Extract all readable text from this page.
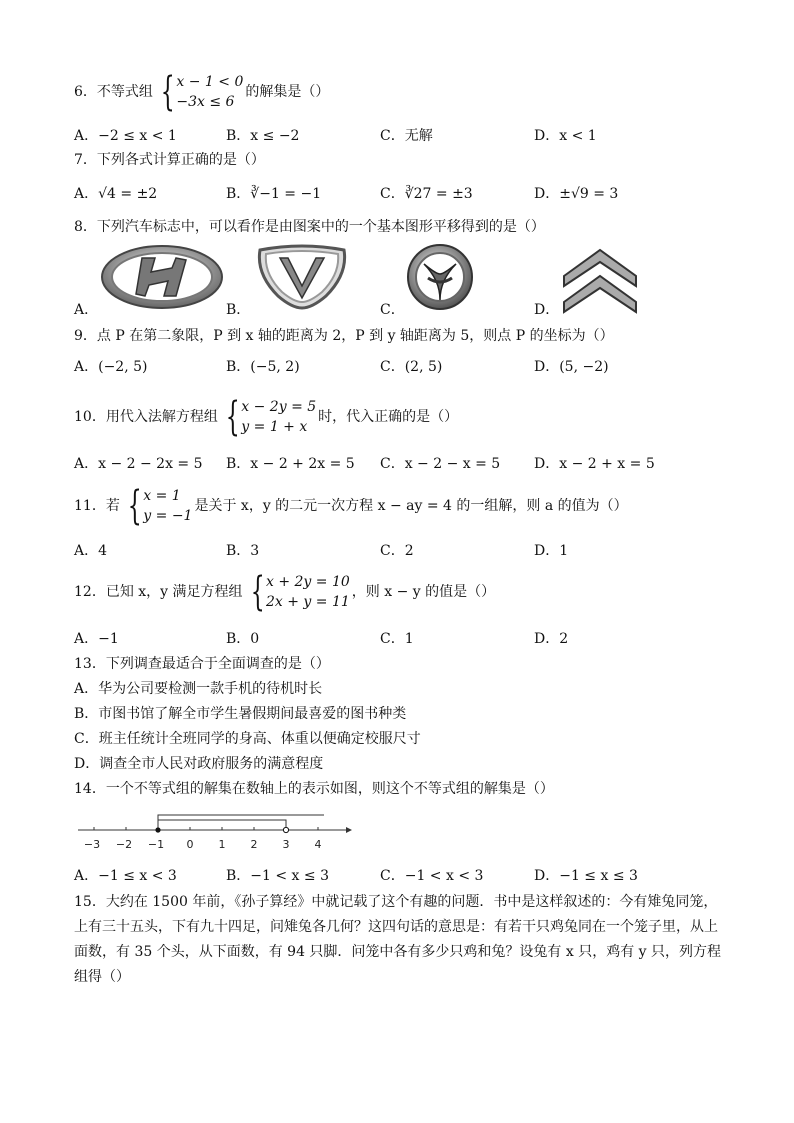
6．不等式组 { x − 1 < 0
−3x ≤ 6
的解集是（）
A．−2 ≤ x < 1	B．x ≤ −2	C．无解	D．x < 1
7．下列各式计算正确的是（）
A．√4 = ±2	B．∛−1 = −1	C．∛27 = ±3	D．±√9 = 3
8．下列汽车标志中，可以看作是由图案中的一个基本图形平移得到的是（）
A．	B．	C．	D．
9．点 P 在第二象限，P 到 x 轴的距离为 2，P 到 y 轴距离为 5，则点 P 的坐标为（）
A．(−2, 5)	B．(−5, 2)	C．(2, 5)	D．(5, −2)
10．用代入法解方程组 { x − 2y = 5
y = 1 + x
时，代入正确的是（）
A．x − 2 − 2x = 5 B．x − 2 + 2x = 5 C．x − 2 − x = 5 D．x − 2 + x = 5
11．若 { x = 1
y = −1
是关于 x，y 的二元一次方程 x − ay = 4 的一组解，则 a 的值为（）
A．4	B．3	C．2	D．1
12．已知 x，y 满足方程组 { x + 2y = 10
2x + y = 11
，则 x − y 的值是（）
A．−1	B．0	C．1	D．2
13．下列调查最适合于全面调查的是（）
A．华为公司要检测一款手机的待机时长
B．市图书馆了解全市学生暑假期间最喜爱的图书种类
C．班主任统计全班同学的身高、体重以便确定校服尺寸
D．调查全市人民对政府服务的满意程度
14．一个不等式组的解集在数轴上的表示如图，则这个不等式组的解集是（）
−3 −2 −1 0 1 2 3 4
A．−1 ≤ x < 3	B．−1 < x ≤ 3	C．−1 < x < 3	D．−1 ≤ x ≤ 3
15．大约在 1500 年前，《孙子算经》中就记载了这个有趣的问题．书中是这样叙述的：今有雉兔同笼，上有三十五头，下有九十四足，问雉兔各几何？这四句话的意思是：有若干只鸡兔同在一个笼子里，从上面数，有 35 个头，从下面数，有 94 只脚．问笼中各有多少只鸡和兔？设兔有 x 只，鸡有 y 只，列方程组得（）
